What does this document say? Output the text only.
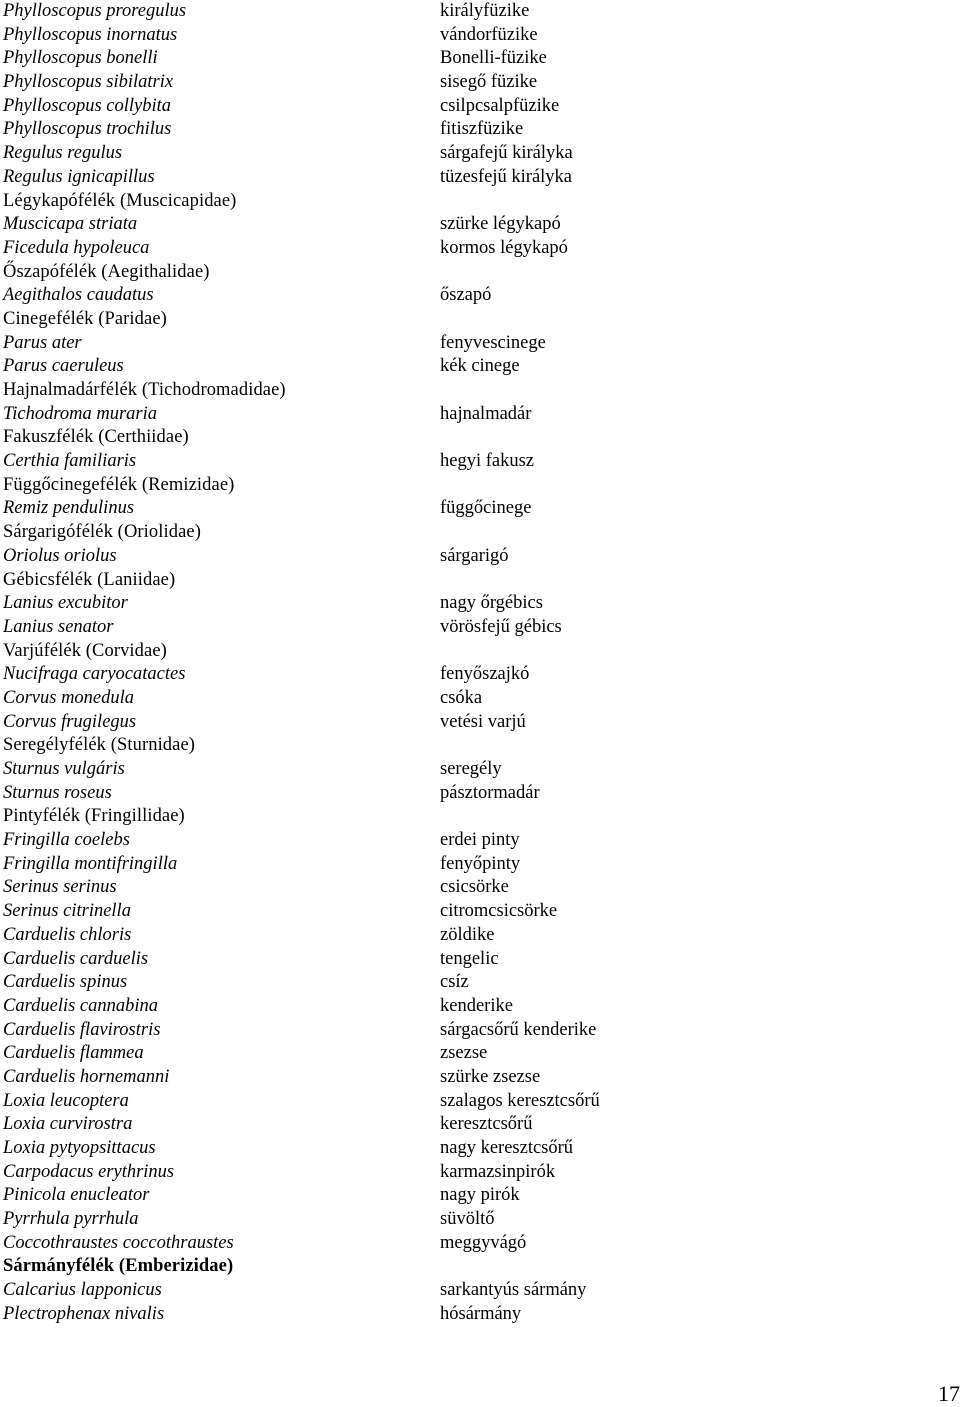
Phylloscopus proregulus	királyfüzike
Phylloscopus inornatus	vándorfüzike
Phylloscopus bonelli	Bonelli-füzike
Phylloscopus sibilatrix	sisegő füzike
Phylloscopus collybita	csilpcsalpfüzike
Phylloscopus trochilus	fitiszfüzike
Regulus regulus	sárgafejű királyka
Regulus ignicapillus	tüzesfejű királyka
Légykapófélék (Muscicapidae)
Muscicapa striata	szürke légykapó
Ficedula hypoleuca	kormos légykapó
Őszapófélék (Aegithalidae)
Aegithalos caudatus	őszapó
Cinegefélék (Paridae)
Parus ater	fenyvescinege
Parus caeruleus	kék cinege
Hajnalmadárfélék (Tichodromadidae)
Tichodroma muraria	hajnalmadár
Fakuszfélék (Certhiidae)
Certhia familiaris	hegyi fakusz
Függőcinegefélék (Remizidae)
Remiz pendulinus	függőcinege
Sárgarigófélék (Oriolidae)
Oriolus oriolus	sárgarigó
Gébicsfélék (Laniidae)
Lanius excubitor	nagy őrgébics
Lanius senator	vörösfejű gébics
Varjúfélék (Corvidae)
Nucifraga caryocatactes	fenyőszajkó
Corvus monedula	csóka
Corvus frugilegus	vetési varjú
Seregélyfélék (Sturnidae)
Sturnus vulgáris	seregély
Sturnus roseus	pásztormadár
Pintyfélék (Fringillidae)
Fringilla coelebs	erdei pinty
Fringilla montifringilla	fenyőpinty
Serinus serinus	csicsörke
Serinus citrinella	citromcsicsörke
Carduelis chloris	zöldike
Carduelis carduelis	tengelic
Carduelis spinus	csíz
Carduelis cannabina	kenderike
Carduelis flavirostris	sárgacsőrű kenderike
Carduelis flammea	zsezse
Carduelis hornemanni	szürke zsezse
Loxia leucoptera	szalagos keresztcsőrű
Loxia curvirostra	keresztcsőrű
Loxia pytyopsittacus	nagy keresztcsőrű
Carpodacus erythrinus	karmazsinpirók
Pinicola enucleator	nagy pirók
Pyrrhula pyrrhula	süvöltő
Coccothraustes coccothraustes	meggyvágó
Sármányfélék (Emberizidae)
Calcarius lapponicus	sarkantyús sármány
Plectrophenax nivalis	hósármány
17
